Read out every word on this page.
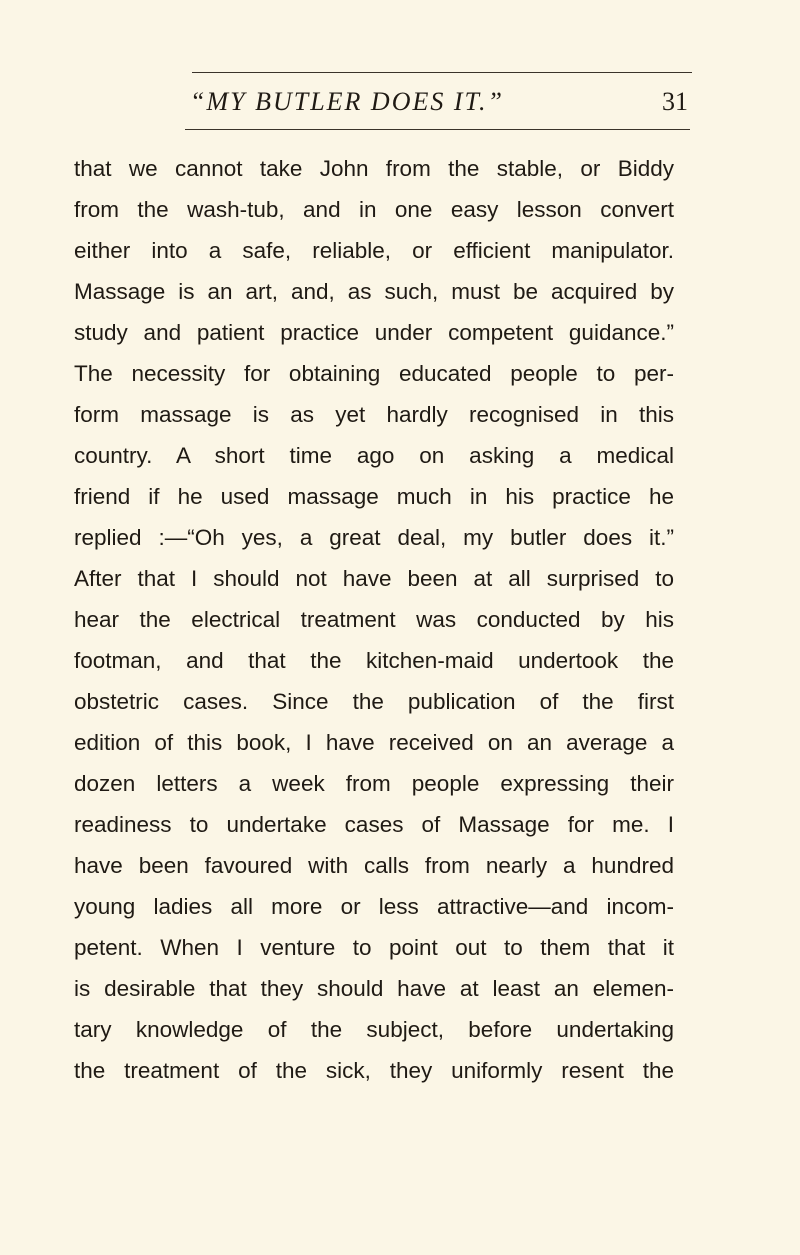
“MY BUTLER DOES IT.”	31
that we cannot take John from the stable, or Biddy
from the wash-tub, and in one easy lesson convert
either into a safe, reliable, or efficient manipulator.
Massage is an art, and, as such, must be acquired by
study and patient practice under competent guidance.”
The necessity for obtaining educated people to per-
form massage is as yet hardly recognised in this
country. A short time ago on asking a medical
friend if he used massage much in his practice he
replied :—“Oh yes, a great deal, my butler does it.”
After that I should not have been at all surprised to
hear the electrical treatment was conducted by his
footman, and that the kitchen-maid undertook the
obstetric cases. Since the publication of the first
edition of this book, I have received on an average a
dozen letters a week from people expressing their
readiness to undertake cases of Massage for me. I
have been favoured with calls from nearly a hundred
young ladies all more or less attractive—and incom-
petent. When I venture to point out to them that it
is desirable that they should have at least an elemen-
tary knowledge of the subject, before undertaking
the treatment of the sick, they uniformly resent the
